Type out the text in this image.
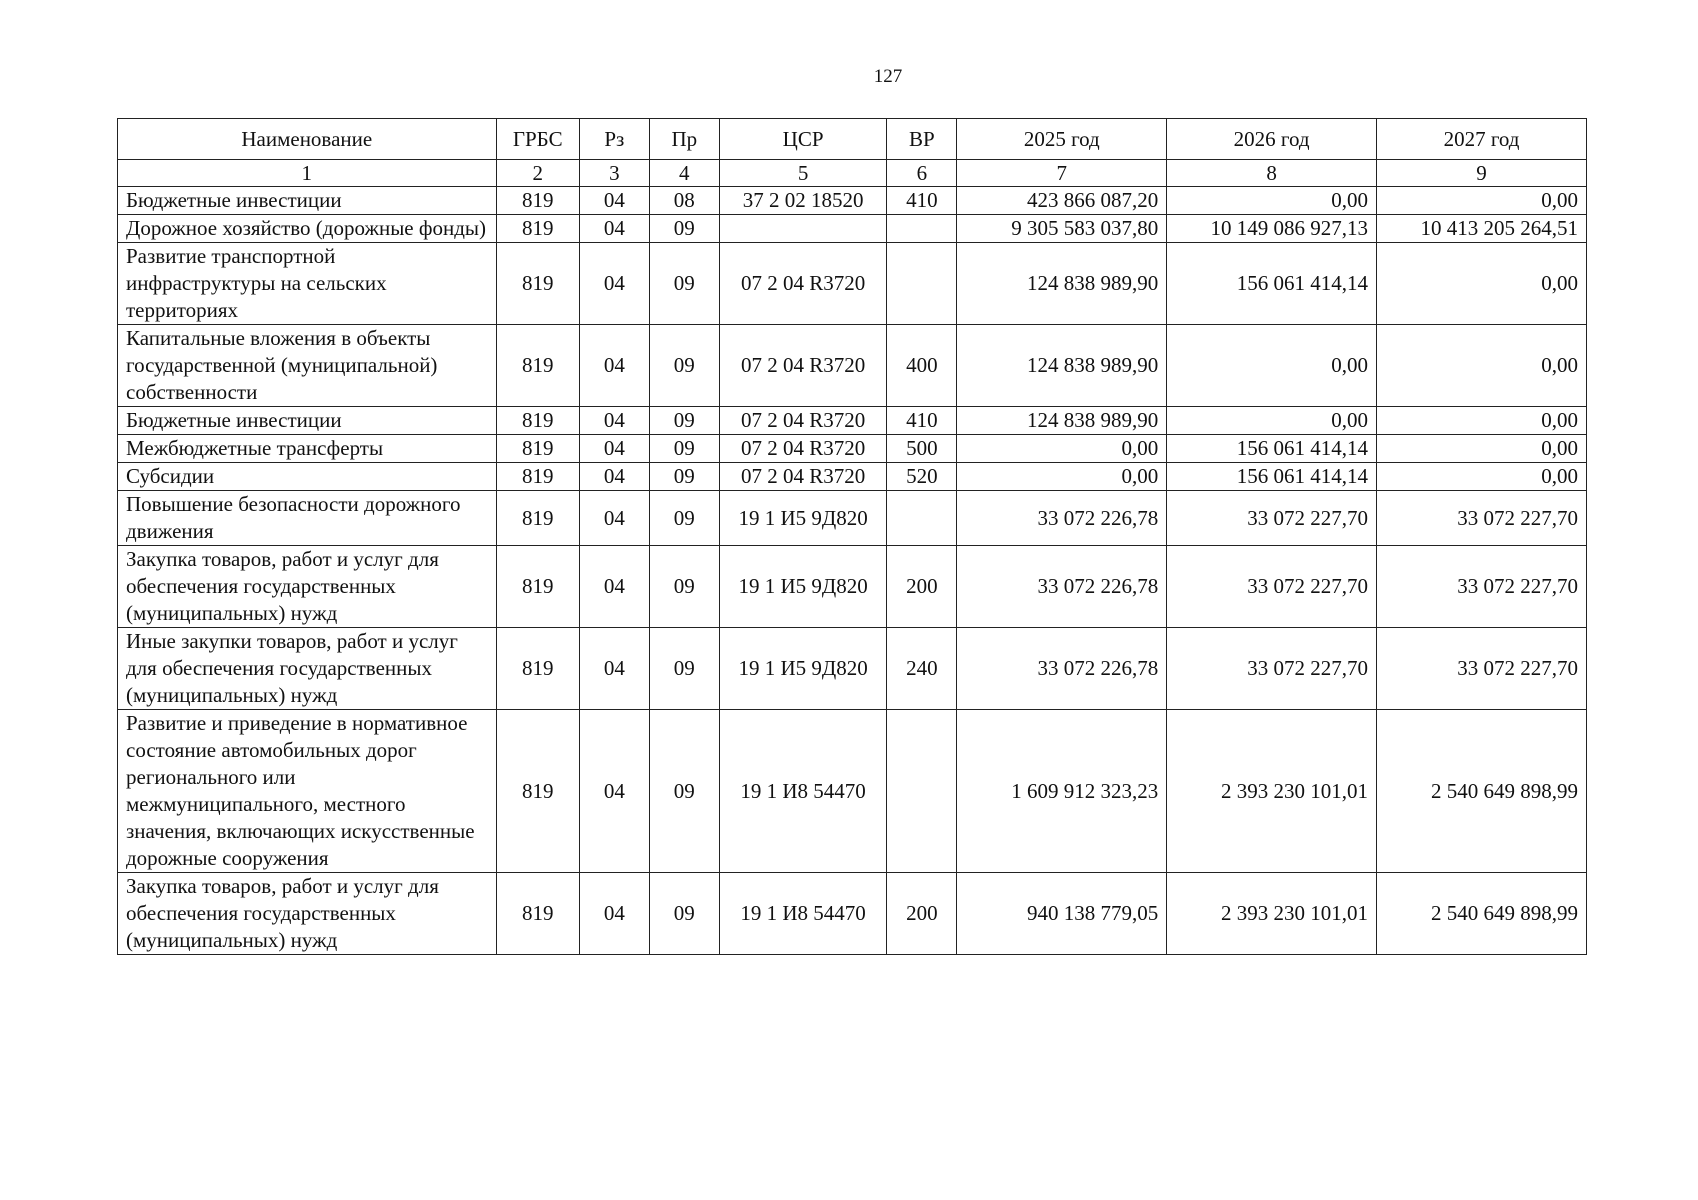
127
Наименование	ГРБС	Рз	Пр	ЦСР	ВР	2025 год	2026 год	2027 год
1	2	3	4	5	6	7	8	9
Бюджетные инвестиции	819	04	08	37 2 02 18520	410	423 866 087,20	0,00	0,00
Дорожное хозяйство (дорожные фонды)	819	04	09			9 305 583 037,80	10 149 086 927,13	10 413 205 264,51
Развитие транспортной инфраструктуры на сельских территориях	819	04	09	07 2 04 R3720		124 838 989,90	156 061 414,14	0,00
Капитальные вложения в объекты государственной (муниципальной) собственности	819	04	09	07 2 04 R3720	400	124 838 989,90	0,00	0,00
Бюджетные инвестиции	819	04	09	07 2 04 R3720	410	124 838 989,90	0,00	0,00
Межбюджетные трансферты	819	04	09	07 2 04 R3720	500	0,00	156 061 414,14	0,00
Субсидии	819	04	09	07 2 04 R3720	520	0,00	156 061 414,14	0,00
Повышение безопасности дорожного движения	819	04	09	19 1 И5 9Д820		33 072 226,78	33 072 227,70	33 072 227,70
Закупка товаров, работ и услуг для обеспечения государственных (муниципальных) нужд	819	04	09	19 1 И5 9Д820	200	33 072 226,78	33 072 227,70	33 072 227,70
Иные закупки товаров, работ и услуг для обеспечения государственных (муниципальных) нужд	819	04	09	19 1 И5 9Д820	240	33 072 226,78	33 072 227,70	33 072 227,70
Развитие и приведение в нормативное состояние автомобильных дорог регионального или межмуниципального, местного значения, включающих искусственные дорожные сооружения	819	04	09	19 1 И8 54470		1 609 912 323,23	2 393 230 101,01	2 540 649 898,99
Закупка товаров, работ и услуг для обеспечения государственных (муниципальных) нужд	819	04	09	19 1 И8 54470	200	940 138 779,05	2 393 230 101,01	2 540 649 898,99
